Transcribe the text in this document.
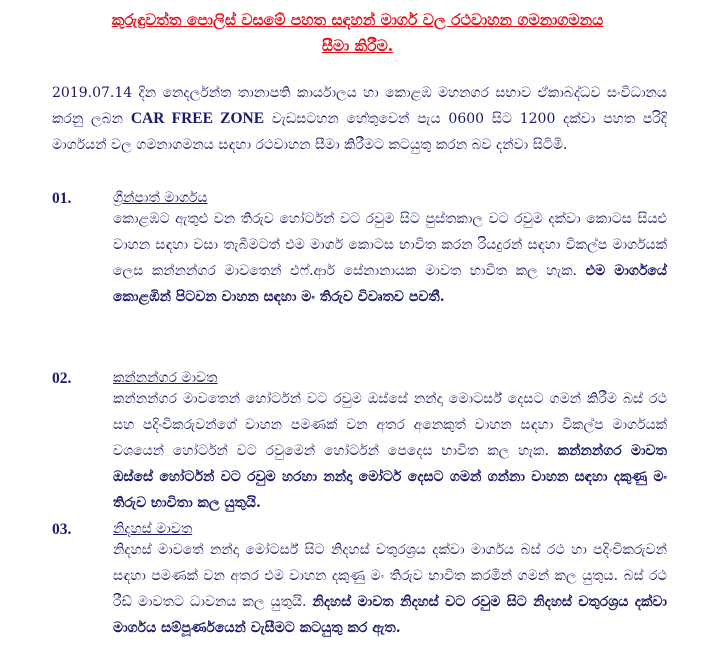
කුරුඳුවත්ත පොලිස් වසමේ පහත සඳහන් මාර්ග වල රථවාහන ගමනාගමනය
සීමා කිරීම.
2019.07.14 දින නෙදර්ලන්ත තානාපති කාර්යාලය හා කොළඹ මහනගර සභාව ඒකාබද්ධව සංවිධානය කරනු ලබන CAR FREE ZONE වැඩසටහන හේතුවෙන් පැය 0600 සිට 1200 දක්වා පහත පරිදි මාර්ගයන් වල ගමනාගමනය සඳහා රථවාහන සීමා කිරීමට කටයුතු කරන බව දන්වා සිටිමි.
01.	ග්‍රීන්පාත් මාර්ගය
කොළඹට ඇතුළු වන තිරුව හෝර්ටන් වට රවුම සිට පුස්තකාල වට රවුම දක්වා කොටස සියළු වාහන සඳහා වසා තැබීමටත් එම මාර්ග කොටස භාවිත කරන රියදුරන් සඳහා විකල්ප මාර්ගයක් ලෙස කන්නන්ගර මාවතෙන් එෆ්.ආර් සේනානායක මාවත භාවිත කල හැක. එම මාර්ගයේ කොළඹින් පිටවන වාහන සඳහා මං තිරුව විවෘතව පවතී.
02.	කන්නන්ගර මාවත
කන්නන්ගර මාවතෙන් හෝර්ටන් වට රවුම ඔස්සේ නන්දා මොටර්ස් දෙසට ගමන් කිරීම බස් රථ සහ පදිංචිකරුවන්ගේ වාහන පමණක් වන අතර අනෙකුත් වාහන සඳහා විකල්ප මාර්ගයක් වශයෙන් හෝර්ටන් වට රවුමෙන් හෝර්ටන් පෙදෙස භාවිත කල හැක. කන්නන්ගර මාවත ඔස්සේ හෝර්ටන් වට රවුම හරහා නන්දා මෝටර් දෙසට ගමන් ගන්නා වාහන සඳහා දකුණු මං තිරුව භාවිතා කල යුතුයි.
03.	නිදහස් මාවත
නිදහස් මාවතේ නන්දා මෝටර්ස් සිට නිදහස් චතුරශ්‍රය දක්වා මාර්ගය බස් රථ හා පදිංචිකරුවන් සඳහා පමණක් වන අතර එම වාහන දකුණු මං තිරුව භාවිත කරමින් ගමන් කල යුතුය. බස් රථ රීඩ් මාවතට ධාවනය කල යුතුයි. නිදහස් මාවත නිදහස් වට රවුම සිට නිදහස් චතුරශ්‍රය දක්වා මාර්ගය සම්පූර්ණයෙන් වැසීමට කටයුතු කර ඇත.
